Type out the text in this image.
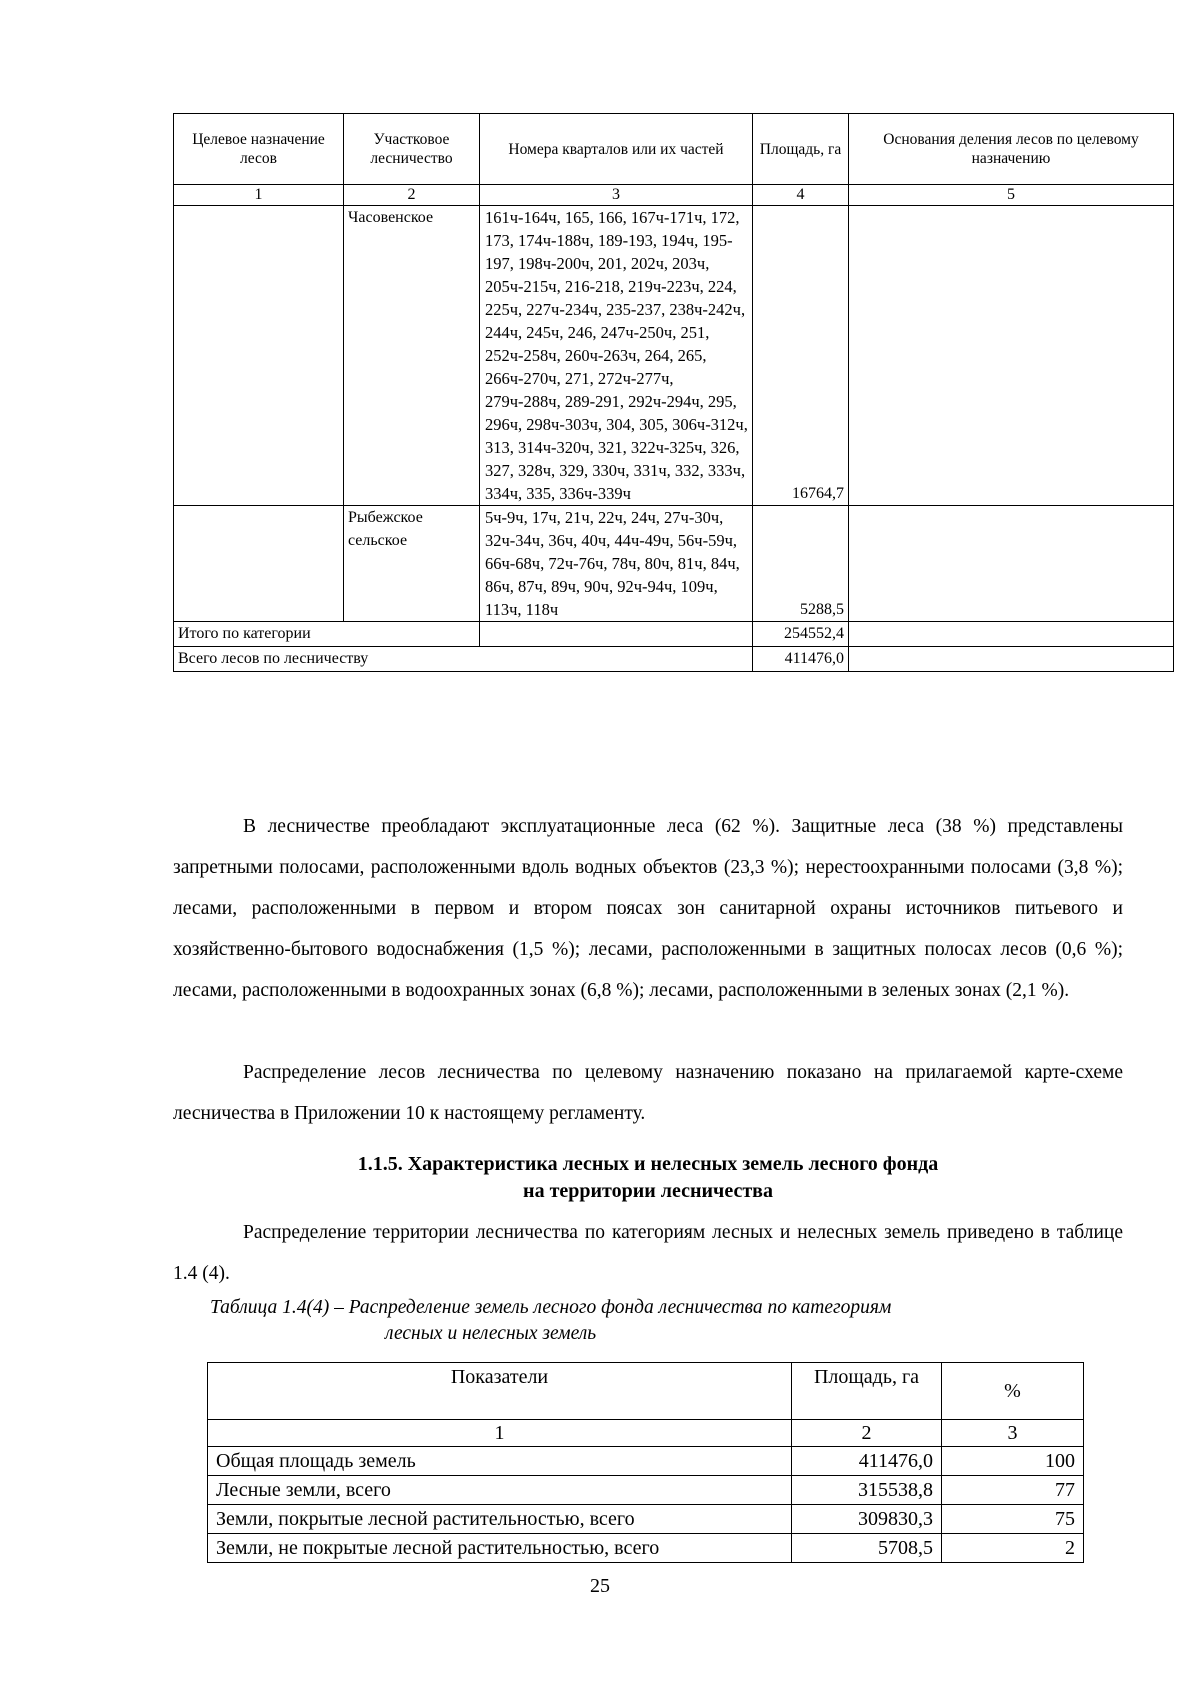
Целевое назначение лесов	Участковое лесничество	Номера кварталов или их частей	Площадь, га	Основания деления лесов по целевому назначению
1	2	3	4	5
	Часовенское	161ч-164ч, 165, 166, 167ч-171ч, 172, 173, 174ч-188ч, 189-193, 194ч, 195-197, 198ч-200ч, 201, 202ч, 203ч, 205ч-215ч, 216-218, 219ч-223ч, 224, 225ч, 227ч-234ч, 235-237, 238ч-242ч, 244ч, 245ч, 246, 247ч-250ч, 251, 252ч-258ч, 260ч-263ч, 264, 265, 266ч-270ч, 271, 272ч-277ч, 279ч-288ч, 289-291, 292ч-294ч, 295, 296ч, 298ч-303ч, 304, 305, 306ч-312ч, 313, 314ч-320ч, 321, 322ч-325ч, 326, 327, 328ч, 329, 330ч, 331ч, 332, 333ч, 334ч, 335, 336ч-339ч	16764,7	
	Рыбежское сельское	5ч-9ч, 17ч, 21ч, 22ч, 24ч, 27ч-30ч, 32ч-34ч, 36ч, 40ч, 44ч-49ч, 56ч-59ч, 66ч-68ч, 72ч-76ч, 78ч, 80ч, 81ч, 84ч, 86ч, 87ч, 89ч, 90ч, 92ч-94ч, 109ч, 113ч, 118ч	5288,5	
Итого по категории			254552,4	
Всего лесов по лесничеству			411476,0	

В лесничестве преобладают эксплуатационные леса (62 %). Защитные леса (38 %) представлены запретными полосами, расположенными вдоль водных объектов (23,3 %); нерестоохранными полосами (3,8 %); лесами, расположенными в первом и втором поясах зон санитарной охраны источников питьевого и хозяйственно-бытового водоснабжения (1,5 %); лесами, расположенными в защитных полосах лесов (0,6 %); лесами, расположенными в водоохранных зонах (6,8 %); лесами, расположенными в зеленых зонах (2,1 %).

Распределение лесов лесничества по целевому назначению показано на прилагаемой карте-схеме лесничества в Приложении 10 к настоящему регламенту.

1.1.5. Характеристика лесных и нелесных земель лесного фонда
на территории лесничества

Распределение территории лесничества по категориям лесных и нелесных земель приведено в таблице 1.4 (4).

Таблица 1.4(4) – Распределение земель лесного фонда лесничества по категориям
лесных и нелесных земель

Показатели	Площадь, га	%
1	2	3
Общая площадь земель	411476,0	100
Лесные земли, всего	315538,8	77
Земли, покрытые лесной растительностью, всего	309830,3	75
Земли, не покрытые лесной растительностью, всего	5708,5	2
25
